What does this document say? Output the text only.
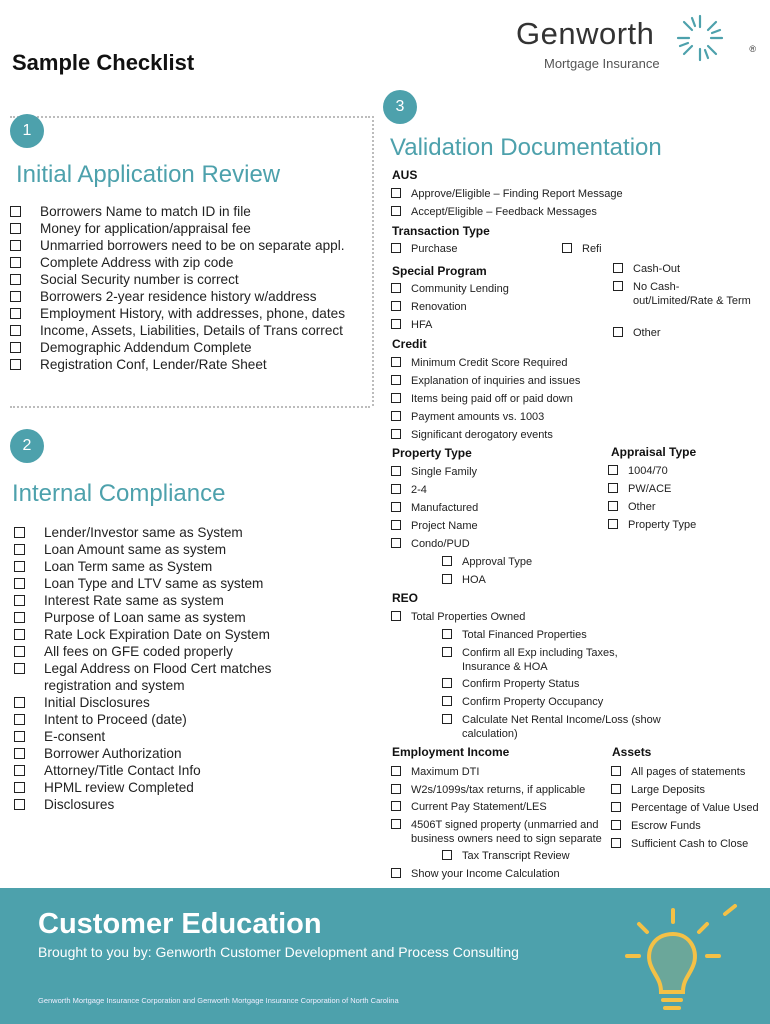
Sample Checklist
Genworth
Mortgage Insurance
®
1
Initial Application Review
Borrowers Name to match ID in file
Money for application/appraisal fee
Unmarried borrowers need to be on separate appl.
Complete Address with zip code
Social Security number is correct
Borrowers 2-year residence history w/address
Employment History, with addresses, phone, dates
Income, Assets, Liabilities, Details of Trans correct
Demographic Addendum Complete
Registration Conf, Lender/Rate Sheet
2
Internal Compliance
Lender/Investor same as System
Loan Amount same as system
Loan Term same as System
Loan Type and LTV same as system
Interest Rate same as system
Purpose of Loan same as system
Rate Lock Expiration Date on System
All fees on GFE coded properly
Legal Address on Flood Cert matches registration and system
Initial Disclosures
Intent to Proceed (date)
E-consent
Borrower Authorization
Attorney/Title Contact Info
HPML review Completed
Disclosures
3
Validation Documentation
AUS
Approve/Eligible – Finding Report Message
Accept/Eligible – Feedback Messages
Transaction Type
Purchase	Refi
Cash-Out
No Cash-out/Limited/Rate & Term
Other
Special Program
Community Lending
Renovation
HFA
Credit
Minimum Credit Score Required
Explanation of inquiries and issues
Items being paid off or paid down
Payment amounts vs. 1003
Significant derogatory events
Appraisal Type
1004/70
PW/ACE
Other
Property Type
Property Type
Single Family
2-4
Manufactured
Project Name
Condo/PUD
Approval Type
HOA
REO
Total Properties Owned
Total Financed Properties
Confirm all Exp including Taxes, Insurance & HOA
Confirm Property Status
Confirm Property Occupancy
Calculate Net Rental Income/Loss (show calculation)
Employment Income
Maximum DTI
W2s/1099s/tax returns, if applicable
Current Pay Statement/LES
4506T signed property (unmarried and business owners need to sign separate
Tax Transcript Review
Show your Income Calculation
Assets
All pages of statements
Large Deposits
Percentage of Value Used
Escrow Funds
Sufficient Cash to Close
Customer Education
Brought to you by: Genworth Customer Development and Process Consulting
Genworth Mortgage Insurance Corporation and Genworth Mortgage Insurance Corporation of North Carolina
